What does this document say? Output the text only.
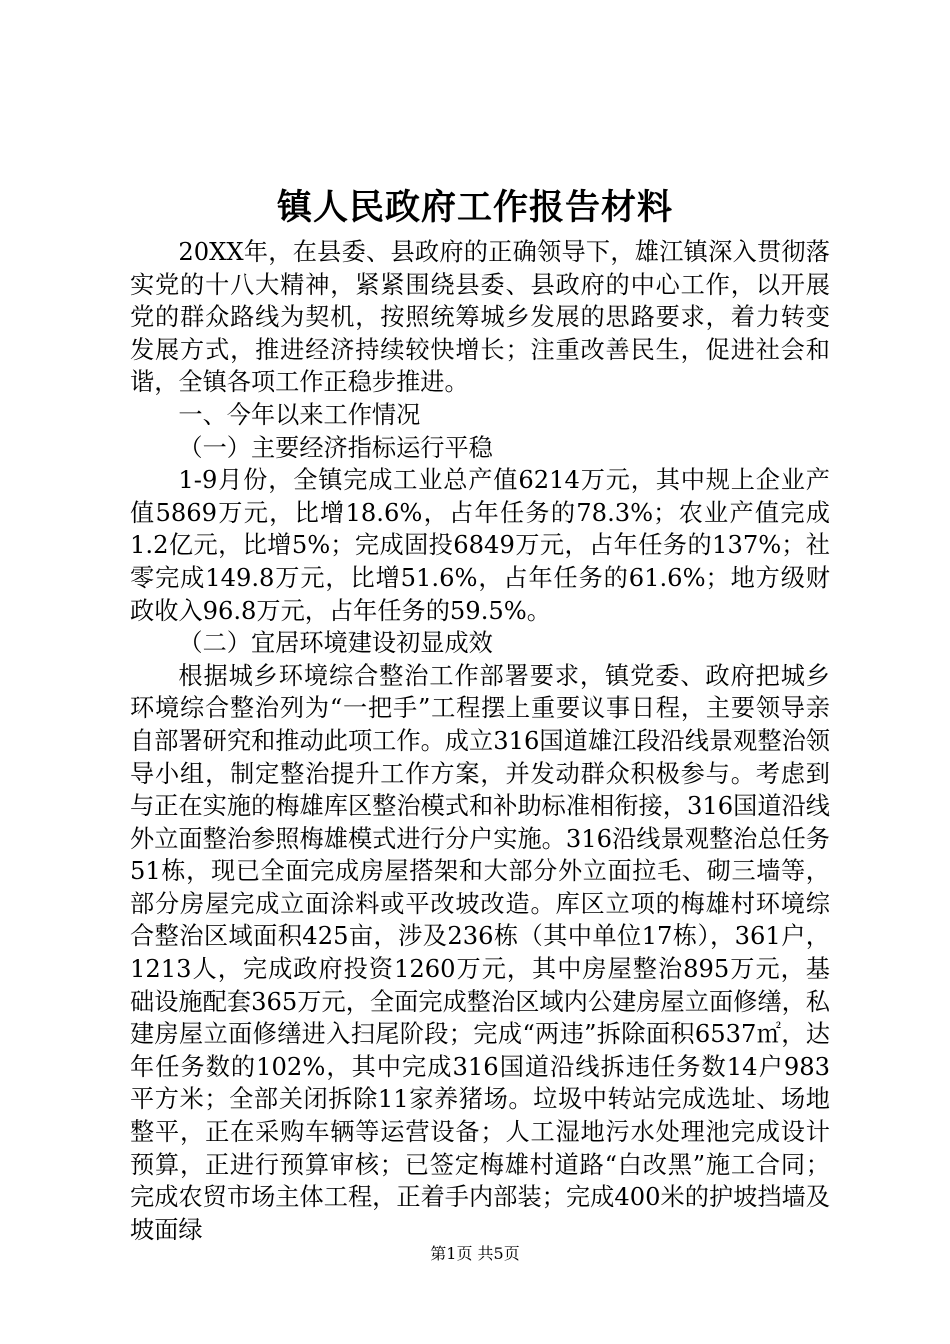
镇人民政府工作报告材料

20XX年，在县委、县政府的正确领导下，雄江镇深入贯彻落实党的十八大精神，紧紧围绕县委、县政府的中心工作，以开展党的群众路线为契机，按照统筹城乡发展的思路要求，着力转变发展方式，推进经济持续较快增长；注重改善民生，促进社会和谐，全镇各项工作正稳步推进。

一、今年以来工作情况

（一）主要经济指标运行平稳

1-9月份，全镇完成工业总产值6214万元，其中规上企业产值5869万元，比增18.6%，占年任务的78.3%；农业产值完成1.2亿元，比增5%；完成固投6849万元，占年任务的137%；社零完成149.8万元，比增51.6%，占年任务的61.6%；地方级财政收入96.8万元，占年任务的59.5%。

（二）宜居环境建设初显成效

根据城乡环境综合整治工作部署要求，镇党委、政府把城乡环境综合整治列为“一把手”工程摆上重要议事日程，主要领导亲自部署研究和推动此项工作。成立316国道雄江段沿线景观整治领导小组，制定整治提升工作方案，并发动群众积极参与。考虑到与正在实施的梅雄库区整治模式和补助标准相衔接，316国道沿线外立面整治参照梅雄模式进行分户实施。316沿线景观整治总任务51栋，现已全面完成房屋搭架和大部分外立面拉毛、砌三墙等，部分房屋完成立面涂料或平改坡改造。库区立项的梅雄村环境综合整治区域面积425亩，涉及236栋（其中单位17栋），361户，1213人，完成政府投资1260万元，其中房屋整治895万元，基础设施配套365万元，全面完成整治区域内公建房屋立面修缮，私建房屋立面修缮进入扫尾阶段；完成“两违”拆除面积6537㎡，达年任务数的102%，其中完成316国道沿线拆违任务数14户983平方米；全部关闭拆除11家养猪场。垃圾中转站完成选址、场地整平，正在采购车辆等运营设备；人工湿地污水处理池完成设计预算，正进行预算审核；已签定梅雄村道路“白改黑”施工合同；完成农贸市场主体工程，正着手内部装；完成400米的护坡挡墙及坡面绿

第1页 共5页
